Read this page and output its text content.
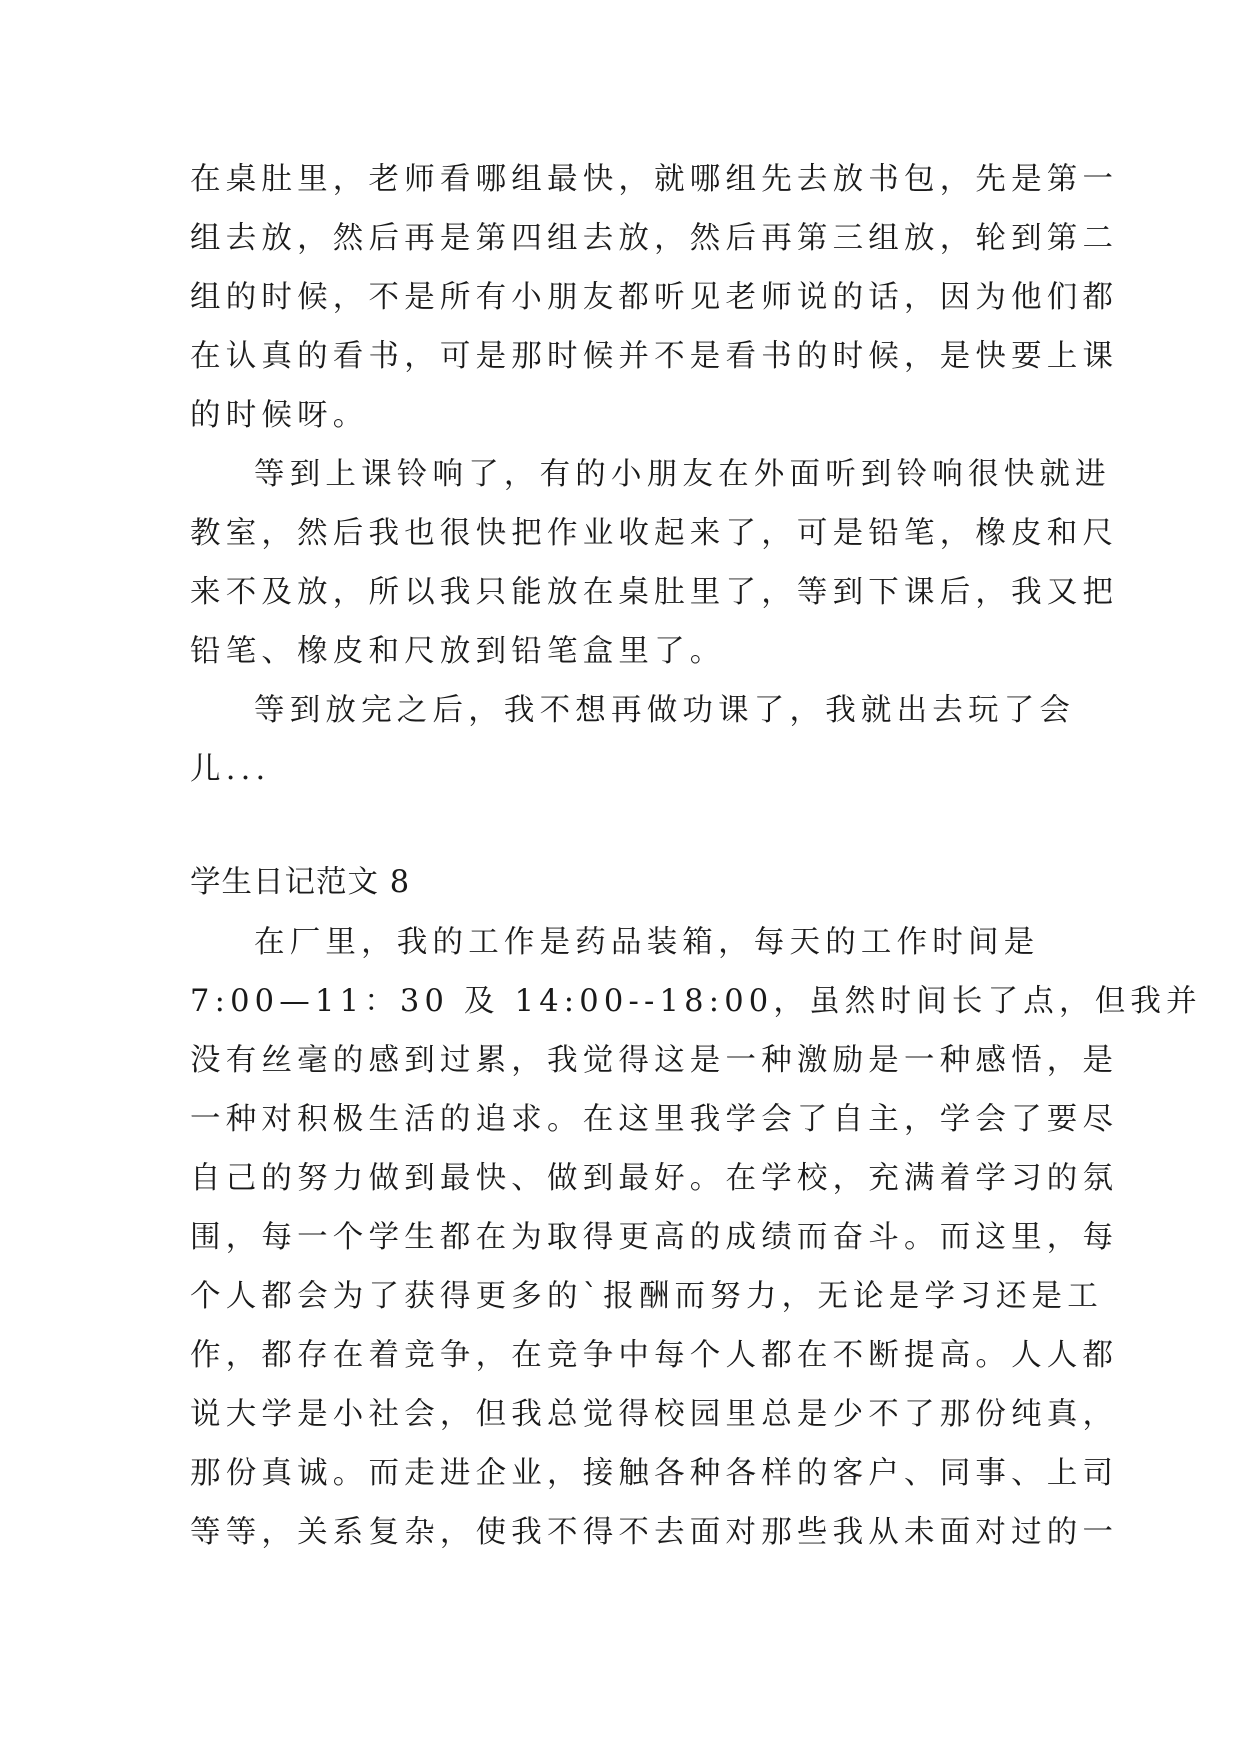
在桌肚里，老师看哪组最快，就哪组先去放书包，先是第一
组去放，然后再是第四组去放，然后再第三组放，轮到第二
组的时候，不是所有小朋友都听见老师说的话，因为他们都
在认真的看书，可是那时候并不是看书的时候，是快要上课
的时候呀。
等到上课铃响了，有的小朋友在外面听到铃响很快就进
教室，然后我也很快把作业收起来了，可是铅笔，橡皮和尺
来不及放，所以我只能放在桌肚里了，等到下课后，我又把
铅笔、橡皮和尺放到铅笔盒里了。
等到放完之后，我不想再做功课了，我就出去玩了会
儿...
学生日记范文 8
在厂里，我的工作是药品装箱，每天的工作时间是
7:00—11：30 及 14:00--18:00，虽然时间长了点，但我并
没有丝毫的感到过累，我觉得这是一种激励是一种感悟，是
一种对积极生活的追求。在这里我学会了自主，学会了要尽
自己的努力做到最快、做到最好。在学校，充满着学习的氛
围，每一个学生都在为取得更高的成绩而奋斗。而这里，每
个人都会为了获得更多的`报酬而努力，无论是学习还是工
作，都存在着竞争，在竞争中每个人都在不断提高。人人都
说大学是小社会，但我总觉得校园里总是少不了那份纯真，
那份真诚。而走进企业，接触各种各样的客户、同事、上司
等等，关系复杂，使我不得不去面对那些我从未面对过的一
